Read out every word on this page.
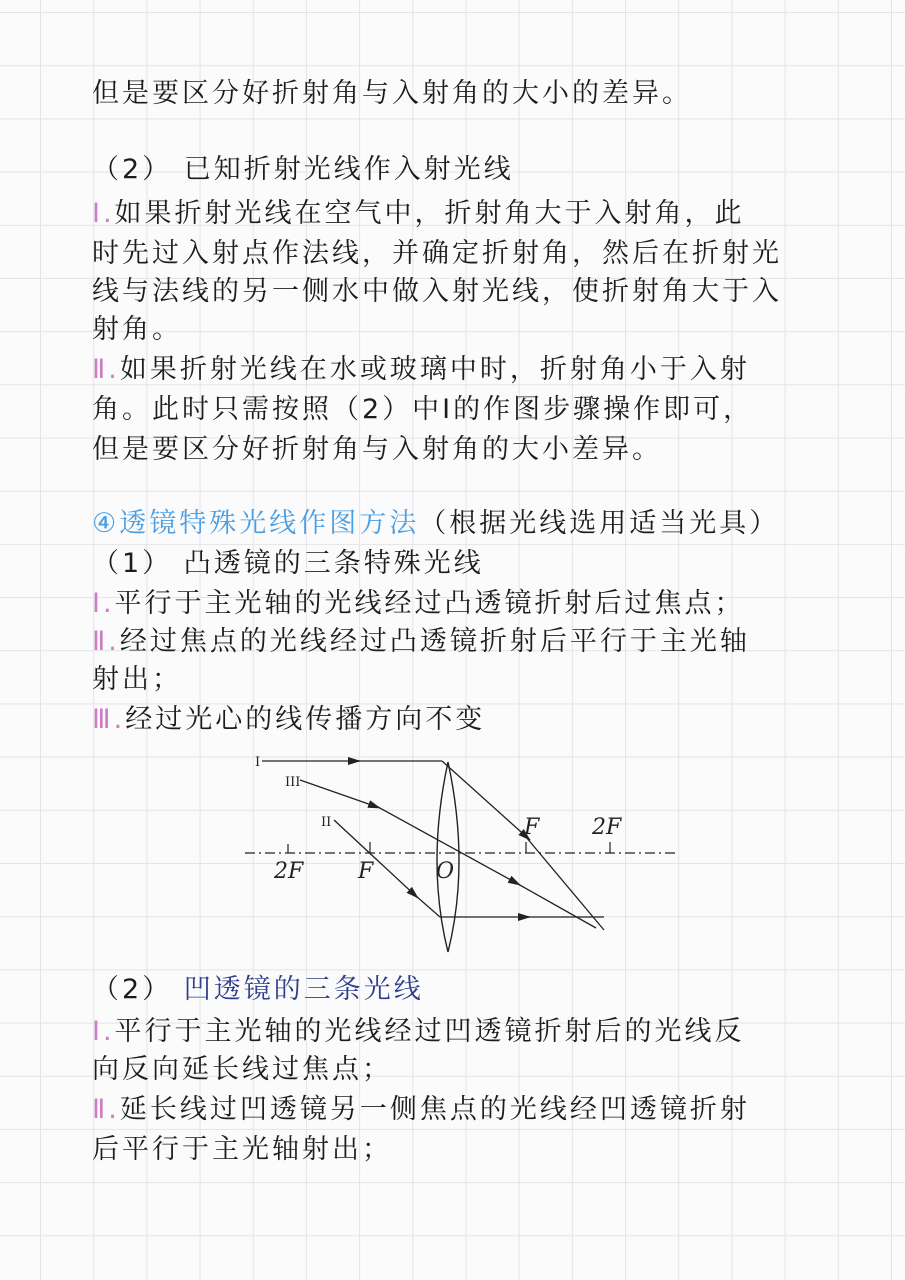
但是要区分好折射角与入射角的大小的差异。
（2） 已知折射光线作入射光线
Ⅰ.如果折射光线在空气中，折射角大于入射角，此
时先过入射点作法线，并确定折射角，然后在折射光
线与法线的另一侧水中做入射光线，使折射角大于入
射角。
Ⅱ.如果折射光线在水或玻璃中时，折射角小于入射
角。此时只需按照（2）中Ⅰ的作图步骤操作即可，
但是要区分好折射角与入射角的大小差异。
④透镜特殊光线作图方法（根据光线选用适当光具）
（1） 凸透镜的三条特殊光线
Ⅰ.平行于主光轴的光线经过凸透镜折射后过焦点；
Ⅱ.经过焦点的光线经过凸透镜折射后平行于主光轴
射出；
Ⅲ.经过光心的线传播方向不变
I
III
II
2F F	O
F 2F
（2） 凹透镜的三条光线
Ⅰ.平行于主光轴的光线经过凹透镜折射后的光线反
向反向延长线过焦点；
Ⅱ.延长线过凹透镜另一侧焦点的光线经凹透镜折射
后平行于主光轴射出；
